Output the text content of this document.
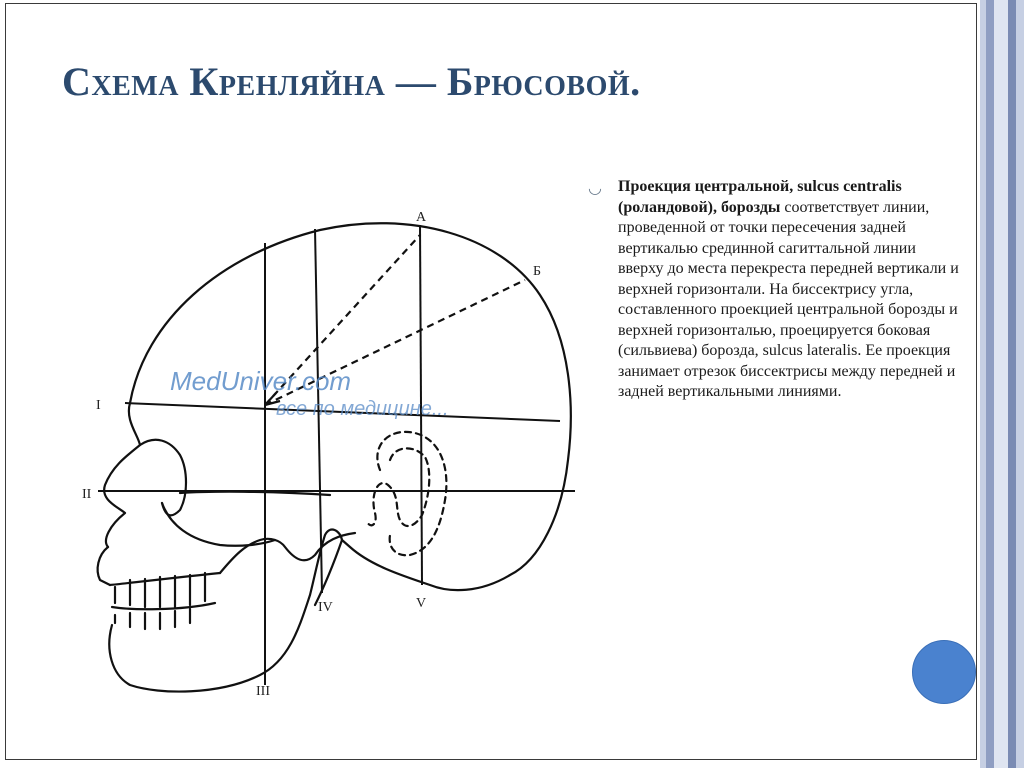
Схема Кренляйна — Брюсовой.
А
Б
I
II
III
IV	V
MedUniver.com
все по медицине...
◡ Проекция центральной, sulcus centralis (роландовой), борозды соответствует линии, проведенной от точки пересечения задней вертикалью срединной сагиттальной линии вверху до места перекреста передней вертикали и верхней горизонтали. На биссектрису угла, составленного проекцией центральной борозды и верхней горизонталью, проецируется боковая (сильвиева) борозда, sulcus lateralis. Ее проекция занимает отрезок биссектрисы между передней и задней вертикальными линиями.
